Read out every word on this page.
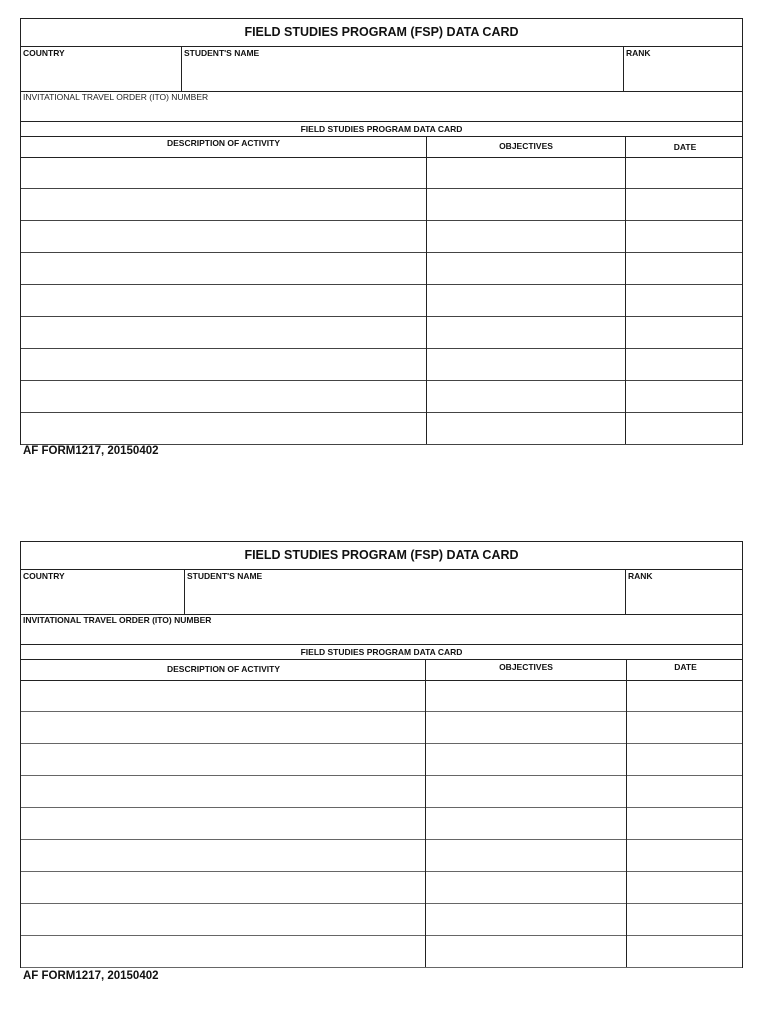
FIELD STUDIES PROGRAM (FSP) DATA CARD
COUNTRY	STUDENT'S NAME	RANK
INVITATIONAL TRAVEL ORDER (ITO) NUMBER
FIELD STUDIES PROGRAM DATA CARD
DESCRIPTION OF ACTIVITY	OBJECTIVES	DATE
AF FORM1217, 20150402
FIELD STUDIES PROGRAM (FSP) DATA CARD
COUNTRY	STUDENT'S NAME	RANK
INVITATIONAL TRAVEL ORDER (ITO) NUMBER
FIELD STUDIES PROGRAM DATA CARD
DESCRIPTION OF ACTIVITY	OBJECTIVES	DATE
AF FORM1217, 20150402
